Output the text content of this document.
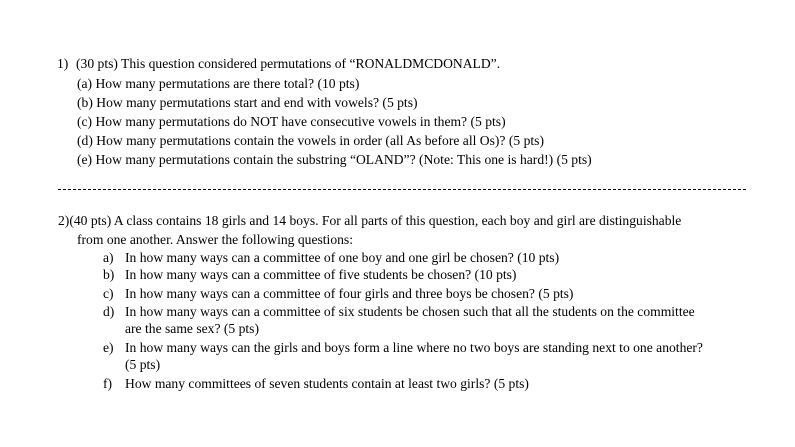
1) (30 pts) This question considered permutations of “RONALDMCDONALD”.
(a) How many permutations are there total? (10 pts)
(b) How many permutations start and end with vowels? (5 pts)
(c) How many permutations do NOT have consecutive vowels in them? (5 pts)
(d) How many permutations contain the vowels in order (all As before all Os)? (5 pts)
(e) How many permutations contain the substring “OLAND”? (Note: This one is hard!) (5 pts)
2)(40 pts) A class contains 18 girls and 14 boys. For all parts of this question, each boy and girl are distinguishable
from one another. Answer the following questions:
a) In how many ways can a committee of one boy and one girl be chosen? (10 pts)
b) In how many ways can a committee of five students be chosen? (10 pts)
c) In how many ways can a committee of four girls and three boys be chosen? (5 pts)
d) In how many ways can a committee of six students be chosen such that all the students on the committee
are the same sex? (5 pts)
e) In how many ways can the girls and boys form a line where no two boys are standing next to one another?
(5 pts)
f) How many committees of seven students contain at least two girls? (5 pts)
